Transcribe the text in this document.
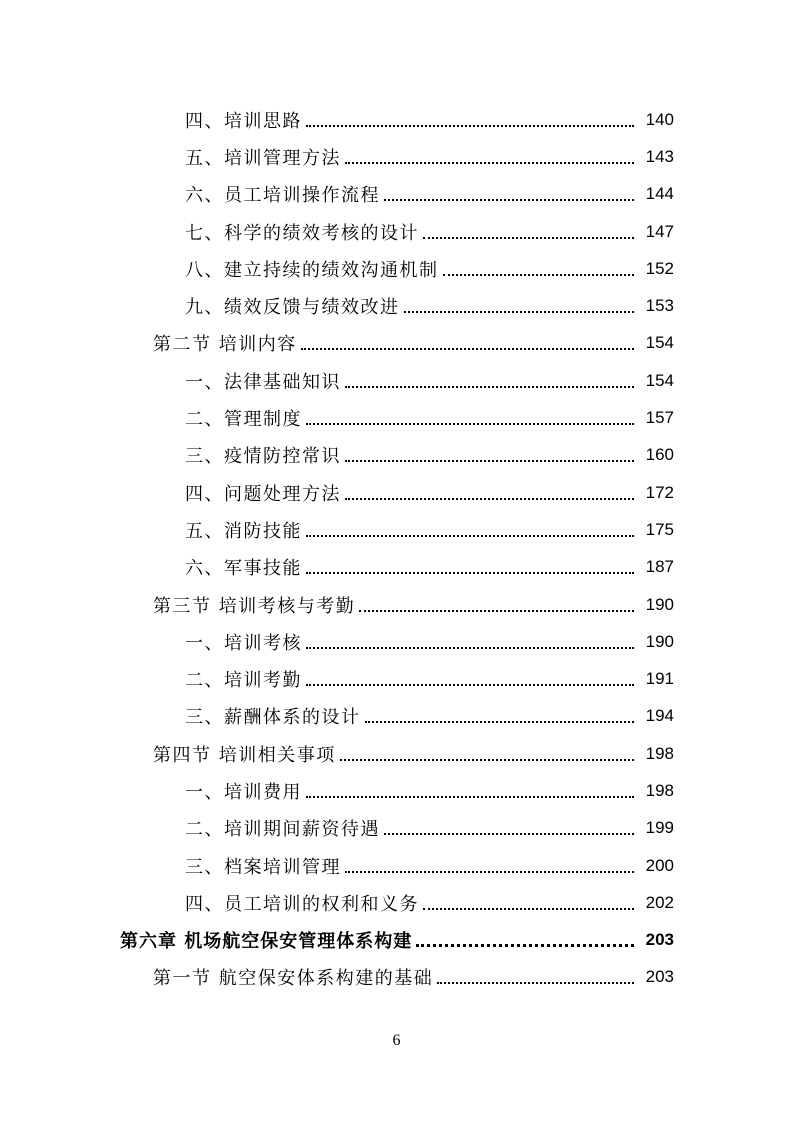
四、培训思路	140
五、培训管理方法	143
六、员工培训操作流程	144
七、科学的绩效考核的设计	147
八、建立持续的绩效沟通机制	152
九、绩效反馈与绩效改进	153
第二节 培训内容	154
一、法律基础知识	154
二、管理制度	157
三、疫情防控常识	160
四、问题处理方法	172
五、消防技能	175
六、军事技能	187
第三节 培训考核与考勤	190
一、培训考核	190
二、培训考勤	191
三、薪酬体系的设计	194
第四节 培训相关事项	198
一、培训费用	198
二、培训期间薪资待遇	199
三、档案培训管理	200
四、员工培训的权利和义务	202
第六章 机场航空保安管理体系构建	203
第一节 航空保安体系构建的基础	203
6
